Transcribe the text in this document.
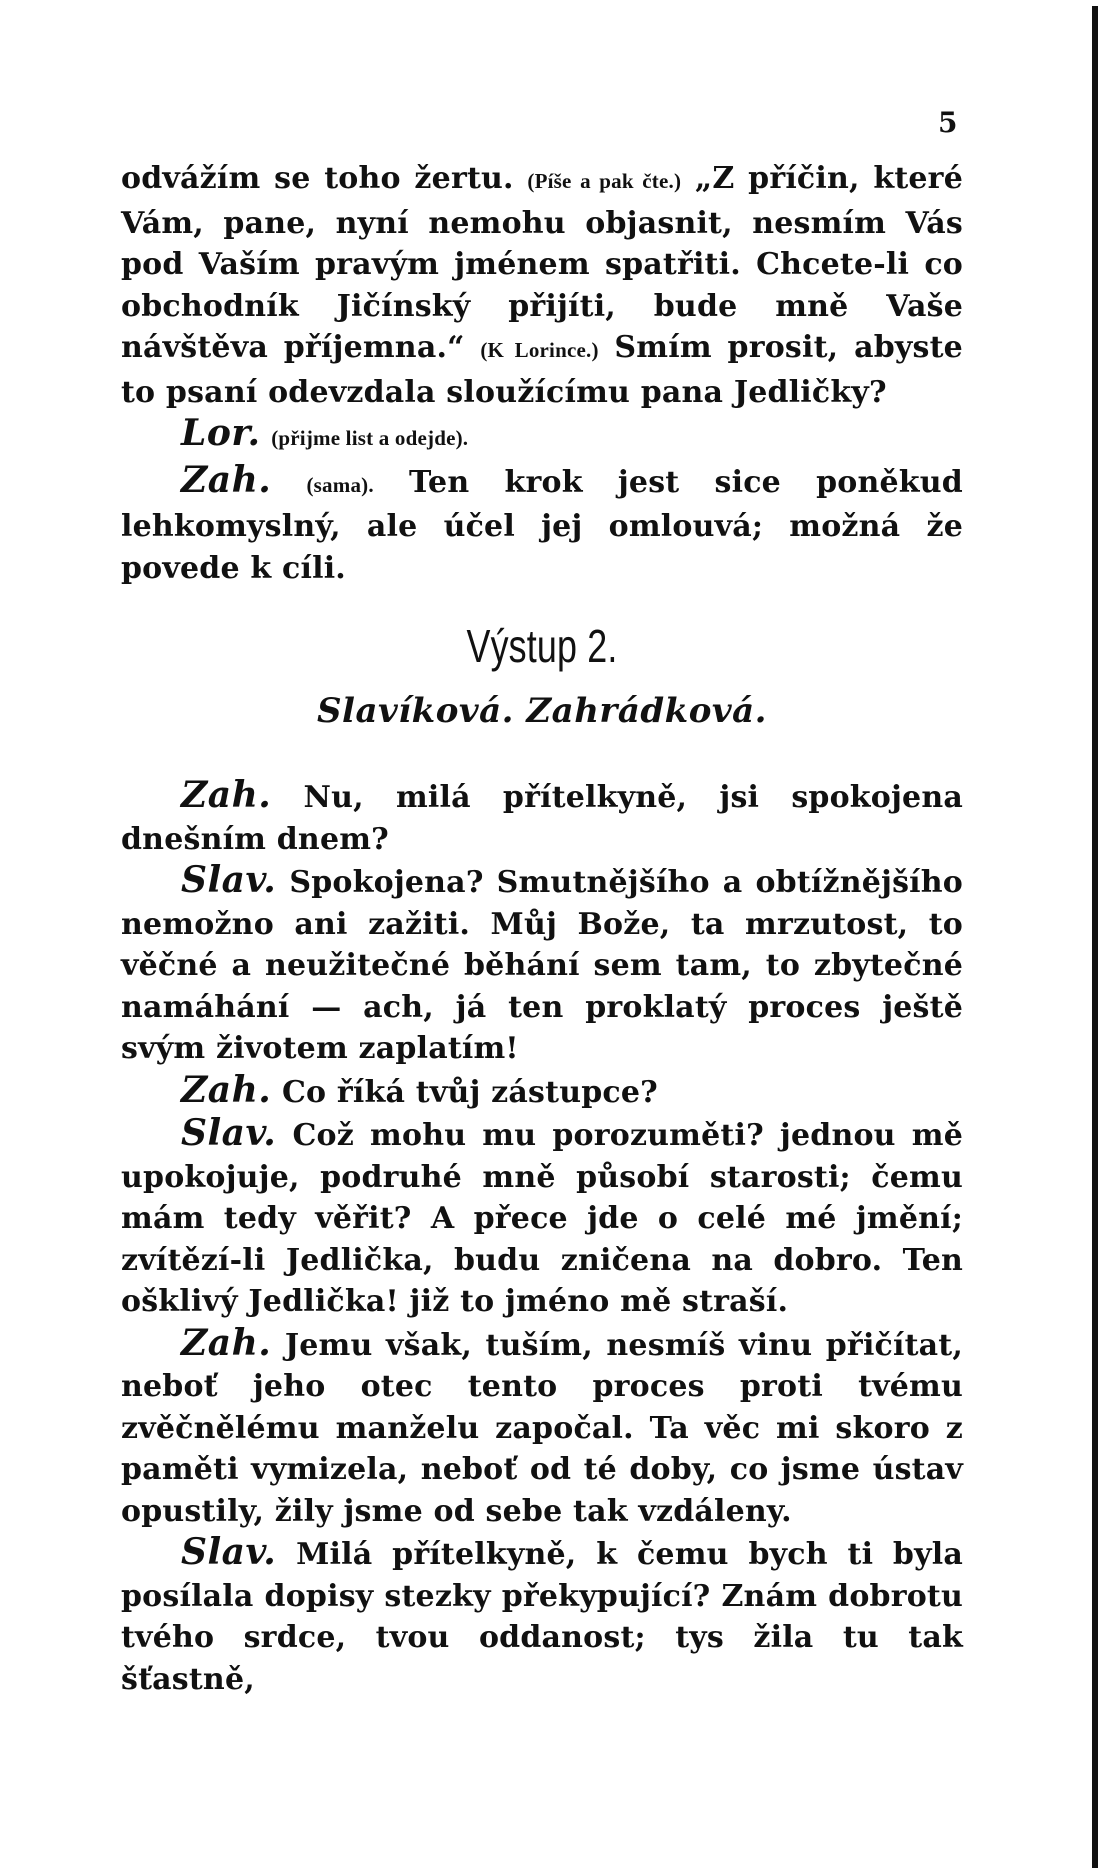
5

odvážím se toho žertu. (Píše a pak čte.) „Z příčin, které Vám, pane, nyní nemohu objasnit, nesmím Vás pod Vaším pravým jménem spatřiti. Chcete-li co obchodník Jičínský přijíti, bude mně Vaše návštěva příjemna.“ (K Lorince.) Smím prosit, abyste to psaní odevzdala sloužícímu pana Jedličky?

Lor. (přijme list a odejde).

Zah. (sama). Ten krok jest sice poněkud lehkomyslný, ale účel jej omlouvá; možná že povede k cíli.

Výstup 2.
Slavíková. Zahrádková.

Zah. Nu, milá přítelkyně, jsi spokojena dnešním dnem?

Slav. Spokojena? Smutnějšího a obtížnějšího nemožno ani zažiti. Můj Bože, ta mrzutost, to věčné a neužitečné běhání sem tam, to zbytečné namáhání — ach, já ten proklatý proces ještě svým životem zaplatím!

Zah. Co říká tvůj zástupce?

Slav. Což mohu mu porozuměti? jednou mě upokojuje, podruhé mně působí starosti; čemu mám tedy věřit? A přece jde o celé mé jmění; zvítězí-li Jedlička, budu zničena na dobro. Ten ošklivý Jedlička! již to jméno mě straší.

Zah. Jemu však, tuším, nesmíš vinu přičítat, neboť jeho otec tento proces proti tvému zvěčnělému manželu započal. Ta věc mi skoro z paměti vymizela, neboť od té doby, co jsme ústav opustily, žily jsme od sebe tak vzdáleny.

Slav. Milá přítelkyně, k čemu bych ti byla posílala dopisy stezky překypující? Znám dobrotu tvého srdce, tvou oddanost; tys žila tu tak šťastně,
